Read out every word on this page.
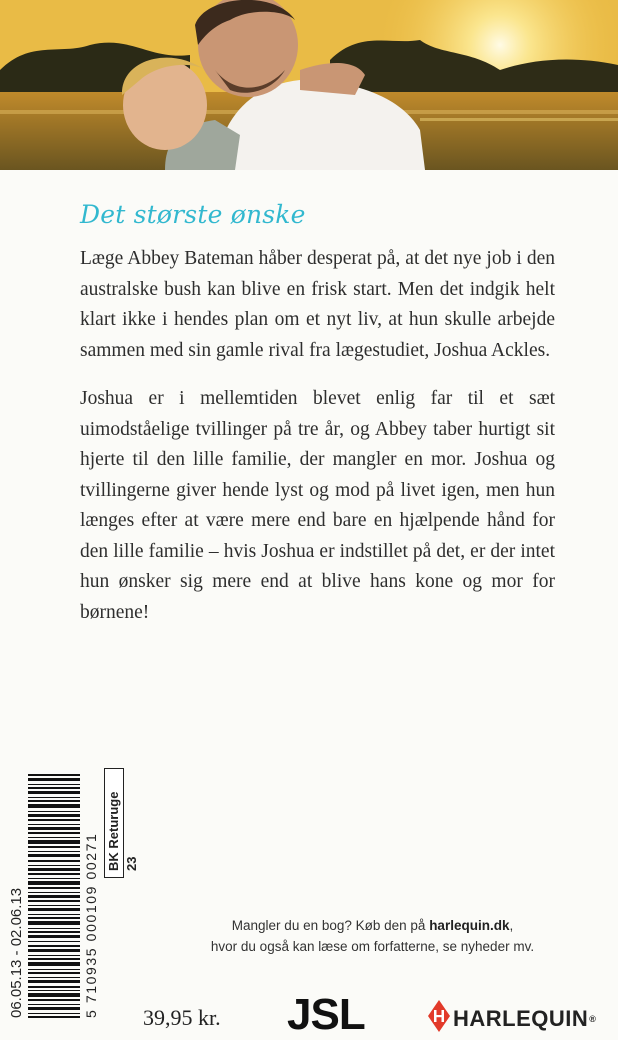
Det største ønske

Læge Abbey Bateman håber desperat på, at det nye job i den australske bush kan blive en frisk start. Men det indgik helt klart ikke i hendes plan om et nyt liv, at hun skulle arbejde sammen med sin gamle rival fra lægestudiet, Joshua Ackles.

Joshua er i mellemtiden blevet enlig far til et sæt uimodståelige tvillinger på tre år, og Abbey taber hurtigt sit hjerte til den lille familie, der mangler en mor. Joshua og tvillingerne giver hende lyst og mod på livet igen, men hun længes efter at være mere end bare en hjælpende hånd for den lille familie – hvis Joshua er indstillet på det, er der intet hun ønsker sig mere end at blive hans kone og mor for børnene!

06.05.13 - 02.06.13	5 710935 000109 00271
BK Returuge 23
Mangler du en bog? Køb den på harlequin.dk,
hvor du også kan læse om forfatterne, se nyheder mv.

39,95 kr. JSL	HARLEQUIN®
